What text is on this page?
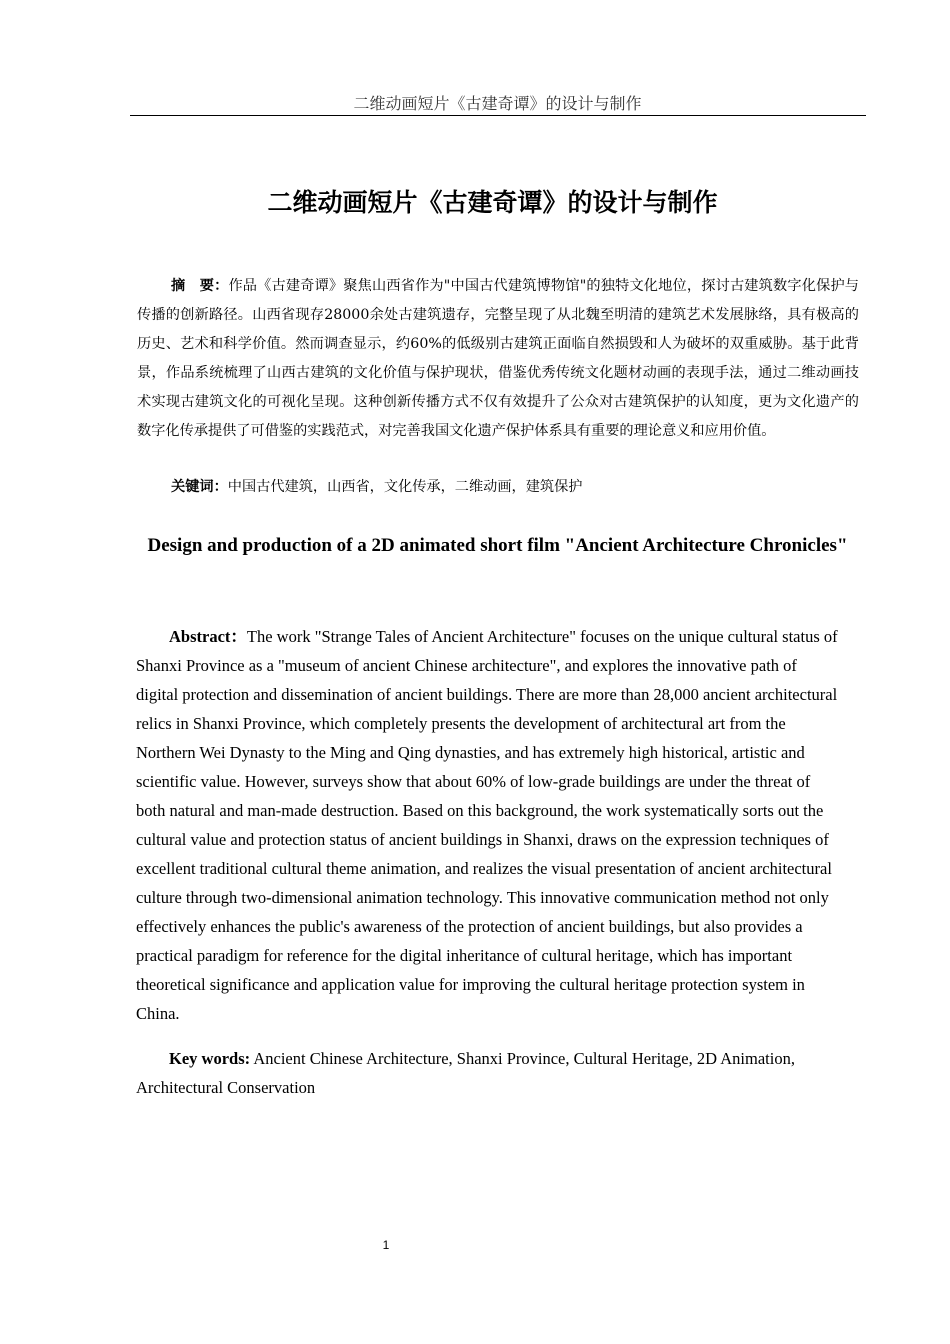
二维动画短片《古建奇谭》的设计与制作
二维动画短片《古建奇谭》的设计与制作

摘　要：作品《古建奇谭》聚焦山西省作为"中国古代建筑博物馆"的独特文化地位，探讨古建筑数字化保护与传播的创新路径。山西省现存28000余处古建筑遗存，完整呈现了从北魏至明清的建筑艺术发展脉络，具有极高的历史、艺术和科学价值。然而调查显示，约60%的低级别古建筑正面临自然损毁和人为破坏的双重威胁。基于此背景，作品系统梳理了山西古建筑的文化价值与保护现状，借鉴优秀传统文化题材动画的表现手法，通过二维动画技术实现古建筑文化的可视化呈现。这种创新传播方式不仅有效提升了公众对古建筑保护的认知度，更为文化遗产的数字化传承提供了可借鉴的实践范式，对完善我国文化遗产保护体系具有重要的理论意义和应用价值。

关键词：中国古代建筑，山西省，文化传承，二维动画，建筑保护

Design and production of a 2D animated short film "Ancient Architecture Chronicles"

Abstract：The work "Strange Tales of Ancient Architecture" focuses on the unique cultural status of Shanxi Province as a "museum of ancient Chinese architecture", and explores the innovative path of digital protection and dissemination of ancient buildings. There are more than 28,000 ancient architectural relics in Shanxi Province, which completely presents the development of architectural art from the Northern Wei Dynasty to the Ming and Qing dynasties, and has extremely high historical, artistic and scientific value. However, surveys show that about 60% of low-grade buildings are under the threat of both natural and man-made destruction. Based on this background, the work systematically sorts out the cultural value and protection status of ancient buildings in Shanxi, draws on the expression techniques of excellent traditional cultural theme animation, and realizes the visual presentation of ancient architectural culture through two-dimensional animation technology. This innovative communication method not only effectively enhances the public's awareness of the protection of ancient buildings, but also provides a practical paradigm for reference for the digital inheritance of cultural heritage, which has important theoretical significance and application value for improving the cultural heritage protection system in China.

Key words: Ancient Chinese Architecture, Shanxi Province, Cultural Heritage, 2D Animation, Architectural Conservation

1
